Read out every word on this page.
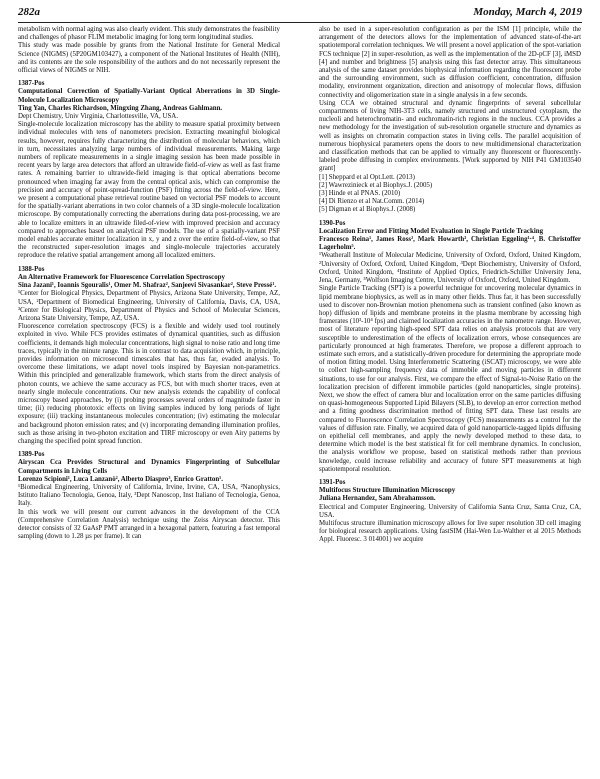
282a	Monday, March 4, 2019

metabolism with normal aging was also clearly evident. This study demonstrates the feasibility and challenges of phasor FLIM metabolic imaging for long term longitudinal studies.

This study was made possible by grants from the National Institute for General Medical Science (NIGMS) (5P20GM103427), a component of the National Institutes of Health (NIH), and its contents are the sole responsibility of the authors and do not necessarily represent the official views of NIGMS or NIH.

1387-Pos

Computational Correction of Spatially-Variant Optical Aberrations in 3D Single-Molecule Localization Microscopy

Ting Yan, Charles Richardson, Mingxing Zhang, Andreas Gahlmann.

Dept Chemistry, Univ Virginia, Charlottesville, VA, USA.

Single-molecule localization microscopy has the ability to measure spatial proximity between individual molecules with tens of nanometers precision. Extracting meaningful biological results, however, requires fully characterizing the distribution of molecular behaviors, which in turn, necessitates analyzing large numbers of individual measurements. Making large numbers of replicate measurements in a single imaging session has been made possible in recent years by large area detectors that afford an ultrawide field-of-view as well as fast frame rates. A remaining barrier to ultrawide-field imaging is that optical aberrations become pronounced when imaging far away from the central optical axis, which can compromise the precision and accuracy of point-spread-function (PSF) fitting across the field-of-view. Here, we present a computational phase retrieval routine based on vectorial PSF models to account for the spatially-variant aberrations in two color channels of a 3D single-molecule localization microscope. By computationally correcting the aberrations during data post-processing, we are able to localize emitters in an ultrawide filed-of-view with improved precision and accuracy compared to approaches based on analytical PSF models. The use of a spatially-variant PSF model enables accurate emitter localization in x, y and z over the entire field-of-view, so that the reconstructed super-resolution images and single-molecule trajectories accurately reproduce the relative spatial arrangement among all localized emitters.

1388-Pos

An Alternative Framework for Fluorescence Correlation Spectroscopy

Sina Jazani¹, Ioannis Sgouralis¹, Omer M. Shafraz², Sanjeevi Sivasankar², Steve Pressé¹.

¹Center for Biological Physics, Department of Physics, Arizona State University, Tempe, AZ, USA, ²Department of Biomedical Engineering, University of California, Davis, CA, USA, ³Center for Biological Physics, Department of Physics and School of Molecular Sciences, Arizona State University, Tempe, AZ, USA.

Fluorescence correlation spectroscopy (FCS) is a flexible and widely used tool routinely exploited in vivo. While FCS provides estimates of dynamical quantities, such as diffusion coefficients, it demands high molecular concentrations, high signal to noise ratio and long time traces, typically in the minute range. This is in contrast to data acquisition which, in principle, provides information on microsecond timescales that has, thus far, evaded analysis. To overcome these limitations, we adapt novel tools inspired by Bayesian non-parametrics. Within this principled and generalizable framework, which starts from the direct analysis of photon counts, we achieve the same accuracy as FCS, but with much shorter traces, even at nearly single molecule concentrations. Our new analysis extends the capability of confocal microscopy based approaches, by (i) probing processes several orders of magnitude faster in time; (ii) reducing phototoxic effects on living samples induced by long periods of light exposure; (iii) tracking instantaneous molecules concentration; (iv) estimating the molecular and background photon emission rates; and (v) incorporating demanding illumination profiles, such as those arising in two-photon excitation and TIRF microscopy or even Airy patterns by changing the specified point spread function.

1389-Pos

Airyscan Cca Provides Structural and Dynamics Fingerprinting of Subcellular Compartments in Living Cells

Lorenzo Scipioni¹, Luca Lanzanò², Alberto Diaspro³, Enrico Gratton¹.

¹Biomedical Engineering, University of California, Irvine, Irvine, CA, USA, ²Nanophysics, Istituto Italiano Tecnologia, Genoa, Italy, ³Dept Nanoscop, Inst Italiano of Tecnologia, Genoa, Italy.

In this work we will present our current advances in the development of the CCA (Comprehensive Correlation Analysis) technique using the Zeiss Airyscan detector. This detector consists of 32 GaAsP PMT arranged in a hexagonal pattern, featuring a fast temporal sampling (down to 1.28 µs per frame). It can

also be used in a super-resolution configuration as per the ISM [1] principle, while the arrangement of the detectors allows for the implementation of advanced state-of-the-art spatiotemporal correlation techniques. We will present a novel application of the spot-variation FCS technique [2] in super-resolution, as well as the implementation of the 2D-pCF [3], iMSD [4] and number and brightness [5] analysis using this fast detector array. This simultaneous analysis of the same dataset provides biophysical information regarding the fluorescent probe and the surrounding environment, such as diffusion coefficient, concentration, diffusion modality, environment organization, direction and anisotropy of molecular flows, diffusion connectivity and oligomerization state in a single analysis in a few seconds.

Using CCA we obtained structural and dynamic fingerprints of several subcellular compartments of living NIH-3T3 cells, namely structured and unstructured cytoplasm, the nucleoli and heterochromatin- and euchromatin-rich regions in the nucleus. CCA provides a new methodology for the investigation of sub-resolution organelle structure and dynamics as well as insights on chromatin compaction states in living cells. The parallel acquisition of numerous biophysical parameters opens the doors to new multidimensional characterization and classification methods that can be applied to virtually any fluorescent or fluorescently-labeled probe diffusing in complex environments. [Work supported by NIH P41 GM103540 grant]

[1] Sheppard et al Opt.Lett. (2013)

[2] Wawrezinieck et al Biophys.J. (2005)

[3] Hinde et al PNAS. (2010)

[4] Di Rienzo et al Nat.Comm. (2014)

[5] Digman et al Biophys.J. (2008)

1390-Pos

Localization Error and Fitting Model Evaluation in Single Particle Tracking

Francesco Reina¹, James Ross², Mark Howarth³, Christian Eggeling¹·⁴, B. Christoffer Lagerholm⁵.

¹Weatherall Institute of Molecular Medicine, University of Oxford, Oxford, United Kingdom, ²University of Oxford, Oxford, United Kingdom, ³Dept Biochemistry, University of Oxford, Oxford, United Kingdom, ⁴Institute of Applied Optics, Friedrich-Schiller University Jena, Jena, Germany, ⁵Wolfson Imaging Centre, University of Oxford, Oxford, United Kingdom.

Single Particle Tracking (SPT) is a powerful technique for uncovering molecular dynamics in lipid membrane biophysics, as well as in many other fields. Thus far, it has been successfully used to discover non-Brownian motion phenomena such as transient confined (also known as hop) diffusion of lipids and membrane proteins in the plasma membrane by accessing high framerates (10³-10⁴ fps) and claimed localization accuracies in the nanometre range. However, most of literature reporting high-speed SPT data relies on analysis protocols that are very susceptible to underestimation of the effects of localization errors, whose consequences are particularly pronounced at high framerates. Therefore, we propose a different approach to estimate such errors, and a statistically-driven procedure for determining the appropriate mode of motion fitting model. Using Interferometric Scattering (iSCAT) microscopy, we were able to collect high-sampling frequency data of immobile and moving particles in different situations, to use for our analysis. First, we compare the effect of Signal-to-Noise Ratio on the localization precision of different immobile particles (gold nanoparticles, single proteins). Next, we show the effect of camera blur and localization error on the same particles diffusing on quasi-homogeneous Supported Lipid Bilayers (SLB), to develop an error correction method and a fitting goodness discrimination method of fitting SPT data. These last results are compared to Fluorescence Correlation Spectroscopy (FCS) measurements as a control for the values of diffusion rate. Finally, we acquired data of gold nanoparticle-tagged lipids diffusing on epithelial cell membranes, and apply the newly developed method to these data, to determine which model is the best statistical fit for cell membrane dynamics. In conclusion, the analysis workflow we propose, based on statistical methods rather than previous knowledge, could increase reliability and accuracy of future SPT measurements at high spatiotemporal resolution.

1391-Pos

Multifocus Structure Illumination Microscopy

Juliana Hernandez, Sam Abrahamsson.

Electrical and Computer Engineering, University of California Santa Cruz, Santa Cruz, CA, USA.

Multifocus structure illumination microscopy allows for live super resolution 3D cell imaging for biological research applications. Using fastSIM (Hai-Wen Lu-Walther et al 2015 Methods Appl. Fluoresc. 3 014001) we acquire
